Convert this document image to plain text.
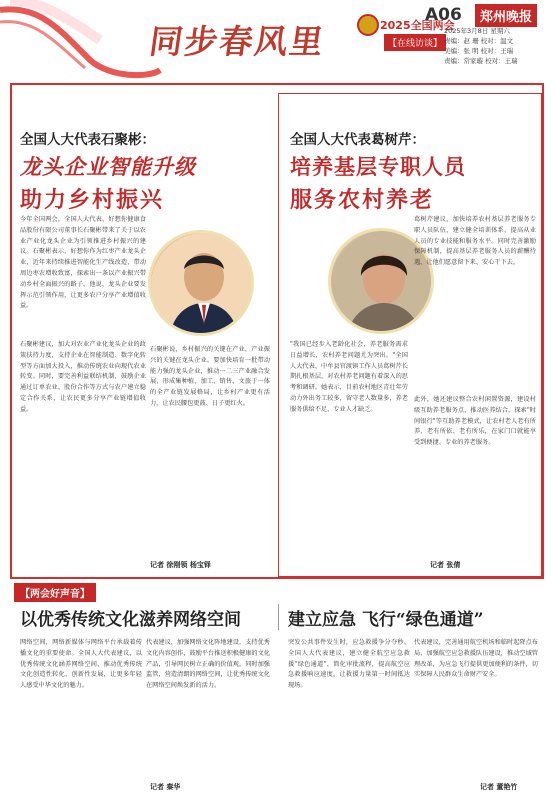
同步春风里	2025全国两会
【在线访谈】
A06	郑州晚报
2025年3月8日 星期六
责编：赵 珊 校对：温文
美编：张 明 校对：王瑞
责编：常家璇 校对：王瑞
全国人大代表石聚彬：
龙头企业智能升级
助力乡村振兴
今年全国两会，全国人大代表、好想你健康食品股份有限公司董事长石聚彬带来了关于以农业产业化龙头企业为引领推进乡村振兴的建议。石聚彬表示，好想你作为红枣产业龙头企业，近年来持续推进智能化生产线改造，带动周边枣农增收致富，探索出一条以产业振兴带动乡村全面振兴的路子。他说，龙头企业要发挥示范引领作用，让更多农户分享产业增值收益。
石聚彬建议，加大对农业产业化龙头企业的政策扶持力度，支持企业在智能制造、数字化转型等方面加大投入，推动传统农业向现代农业转变。同时，要完善利益联结机制，鼓励企业通过订单农业、股份合作等方式与农户建立稳定合作关系，让农民更多分享产业链增值收益。
石聚彬说，乡村振兴的关键在产业，产业振兴的关键在龙头企业。要加快培育一批带动能力强的龙头企业，推动一二三产业融合发展，形成集种植、加工、销售、文旅于一体的全产业链发展格局，让乡村产业更有活力，让农民腰包更鼓、日子更红火。
记者 徐刚领 杨宝铎
全国人大代表葛树芹：
培养基层专职人员
服务农村养老
"我国已经步入老龄化社会，养老服务需求日益增长，农村养老问题尤为突出。"全国人大代表、中牟县官渡镇工作人员葛树芹长期扎根基层，对农村养老问题有着深入的思考和调研。她表示，目前农村地区青壮年劳动力外出务工较多，留守老人数量多，养老服务供给不足，专业人才缺乏。
葛树芹建议，加快培养农村基层养老服务专职人员队伍，建立健全培训体系，提高从业人员的专业技能和服务水平。同时完善激励保障机制，提高基层养老服务人员的薪酬待遇，让他们愿意留下来、安心干下去。
此外，她还建议整合农村闲置资源，建设村级互助养老服务点，推动医养结合，探索"时间银行"等互助养老模式，让农村老人老有所养、老有所依、老有所乐，在家门口就能享受到便捷、专业的养老服务。
记者 张倩
【两会好声音】
以优秀传统文化滋养网络空间	建立应急 飞行“绿色通道”
网络空间，网络新媒体与网络平台承载着传播文化的重要使命。全国人大代表建议，以优秀传统文化涵养网络空间，推动优秀传统文化创造性转化、创新性发展，让更多年轻人感受中华文化的魅力。
代表建议，加强网络文化阵地建设，支持优秀文化内容创作，鼓励平台推送积极健康的文化产品，引导网民树立正确的价值观。同时加强监管，营造清朗的网络空间，让优秀传统文化在网络空间焕发新的活力。
记者 秦华
突发公共事件发生时，应急救援争分夺秒。全国人大代表建议，建立健全航空应急救援“绿色通道”，简化审批流程，提高航空应急救援响应速度，让救援力量第一时间抵达现场。
代表建议，完善通用航空机场和临时起降点布局，加强航空应急救援队伍建设，推动空域管理改革，为应急飞行提供更加便利的条件，切实保障人民群众生命财产安全。
记者 董艳竹
